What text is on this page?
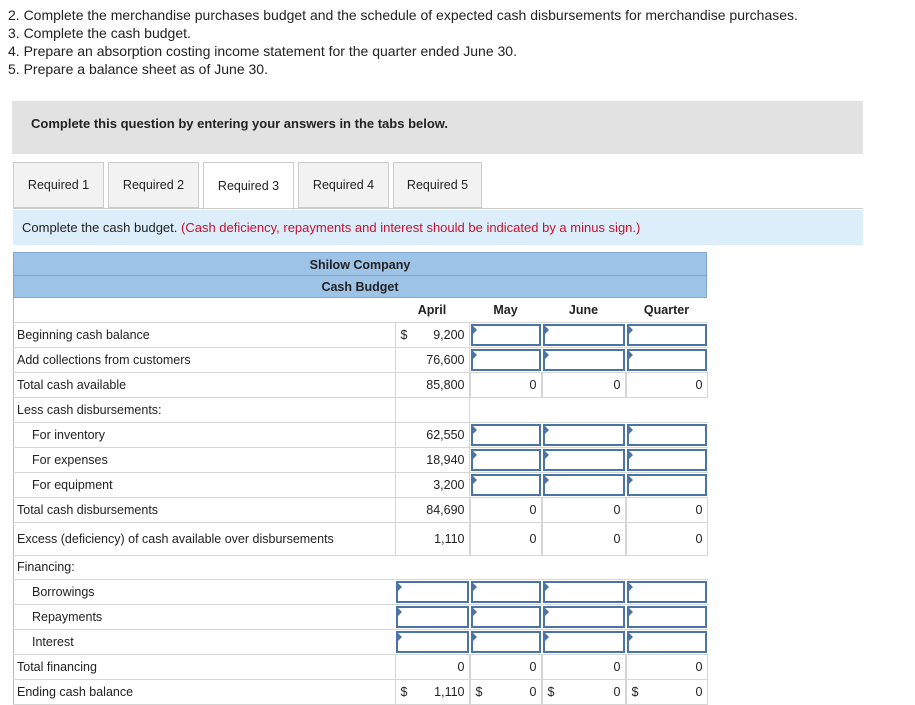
2. Complete the merchandise purchases budget and the schedule of expected cash disbursements for merchandise purchases.
3. Complete the cash budget.
4. Prepare an absorption costing income statement for the quarter ended June 30.
5. Prepare a balance sheet as of June 30.
Complete this question by entering your answers in the tabs below.
Required 1	Required 2	Required 3	Required 4	Required 5
Complete the cash budget. (Cash deficiency, repayments and interest should be indicated by a minus sign.)
Shilow Company
Cash Budget
	April	May	June	Quarter
Beginning cash balance	$ 9,200			

Add collections from customers	76,600			

Total cash available	85,800	0	0	0

Less cash disbursements:	

For inventory	62,550			

For expenses	18,940			

For equipment	3,200			

Total cash disbursements	84,690	0	0	0

Excess (deficiency) of cash available over disbursements	1,110	0	0	0

Financing:				
Borrowings	

Repayments	

Interest	

Total financing	0	0	0	0

Ending cash balance	$ 1,110	$ 0	$ 0	$ 0
